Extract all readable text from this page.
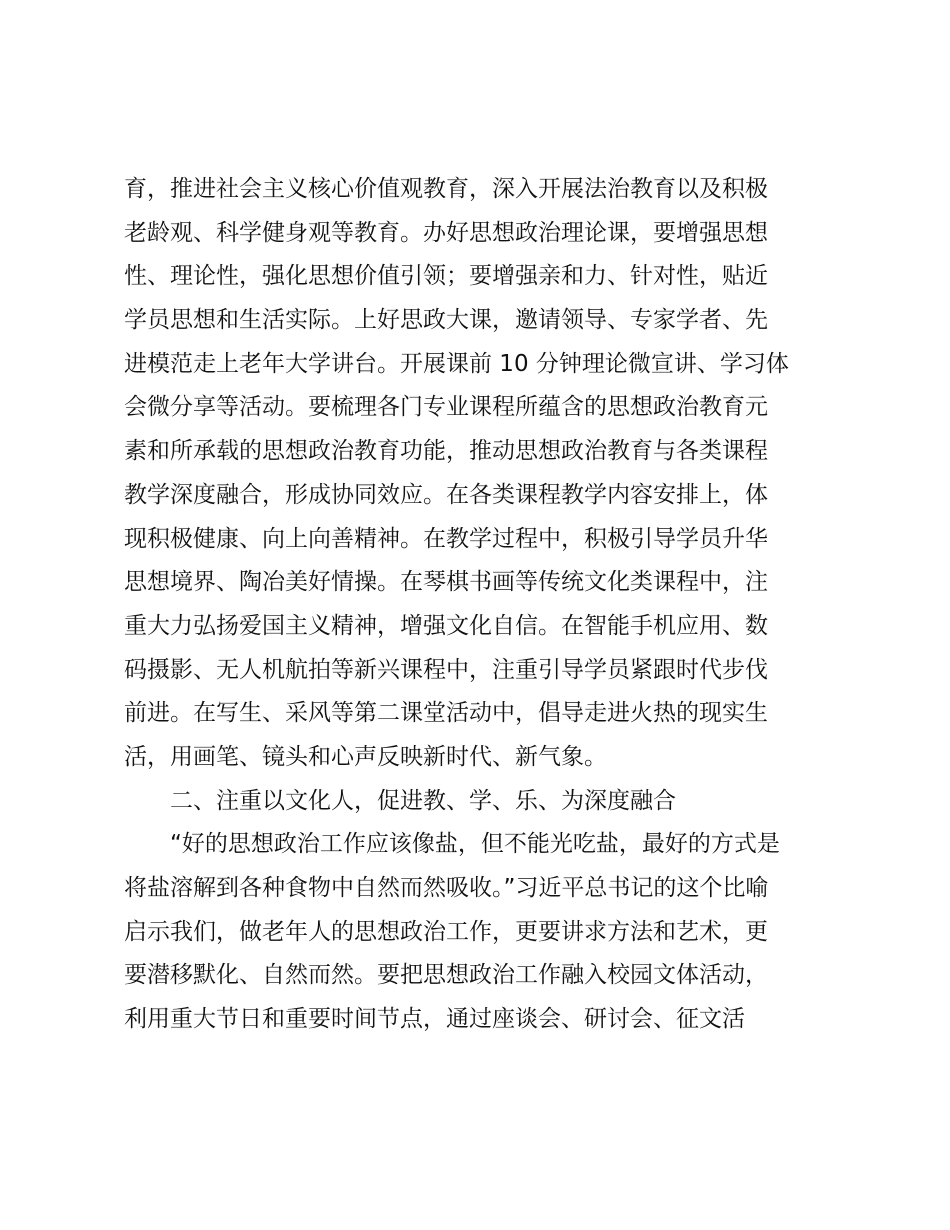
育，推进社会主义核心价值观教育，深入开展法治教育以及积极
老龄观、科学健身观等教育。办好思想政治理论课，要增强思想
性、理论性，强化思想价值引领；要增强亲和力、针对性，贴近
学员思想和生活实际。上好思政大课，邀请领导、专家学者、先
进模范走上老年大学讲台。开展课前 10 分钟理论微宣讲、学习体
会微分享等活动。要梳理各门专业课程所蕴含的思想政治教育元
素和所承载的思想政治教育功能，推动思想政治教育与各类课程
教学深度融合，形成协同效应。在各类课程教学内容安排上，体
现积极健康、向上向善精神。在教学过程中，积极引导学员升华
思想境界、陶冶美好情操。在琴棋书画等传统文化类课程中，注
重大力弘扬爱国主义精神，增强文化自信。在智能手机应用、数
码摄影、无人机航拍等新兴课程中，注重引导学员紧跟时代步伐
前进。在写生、采风等第二课堂活动中，倡导走进火热的现实生
活，用画笔、镜头和心声反映新时代、新气象。
二、注重以文化人，促进教、学、乐、为深度融合
“好的思想政治工作应该像盐，但不能光吃盐，最好的方式是
将盐溶解到各种食物中自然而然吸收。”习近平总书记的这个比喻
启示我们，做老年人的思想政治工作，更要讲求方法和艺术，更
要潜移默化、自然而然。要把思想政治工作融入校园文体活动，
利用重大节日和重要时间节点，通过座谈会、研讨会、征文活
